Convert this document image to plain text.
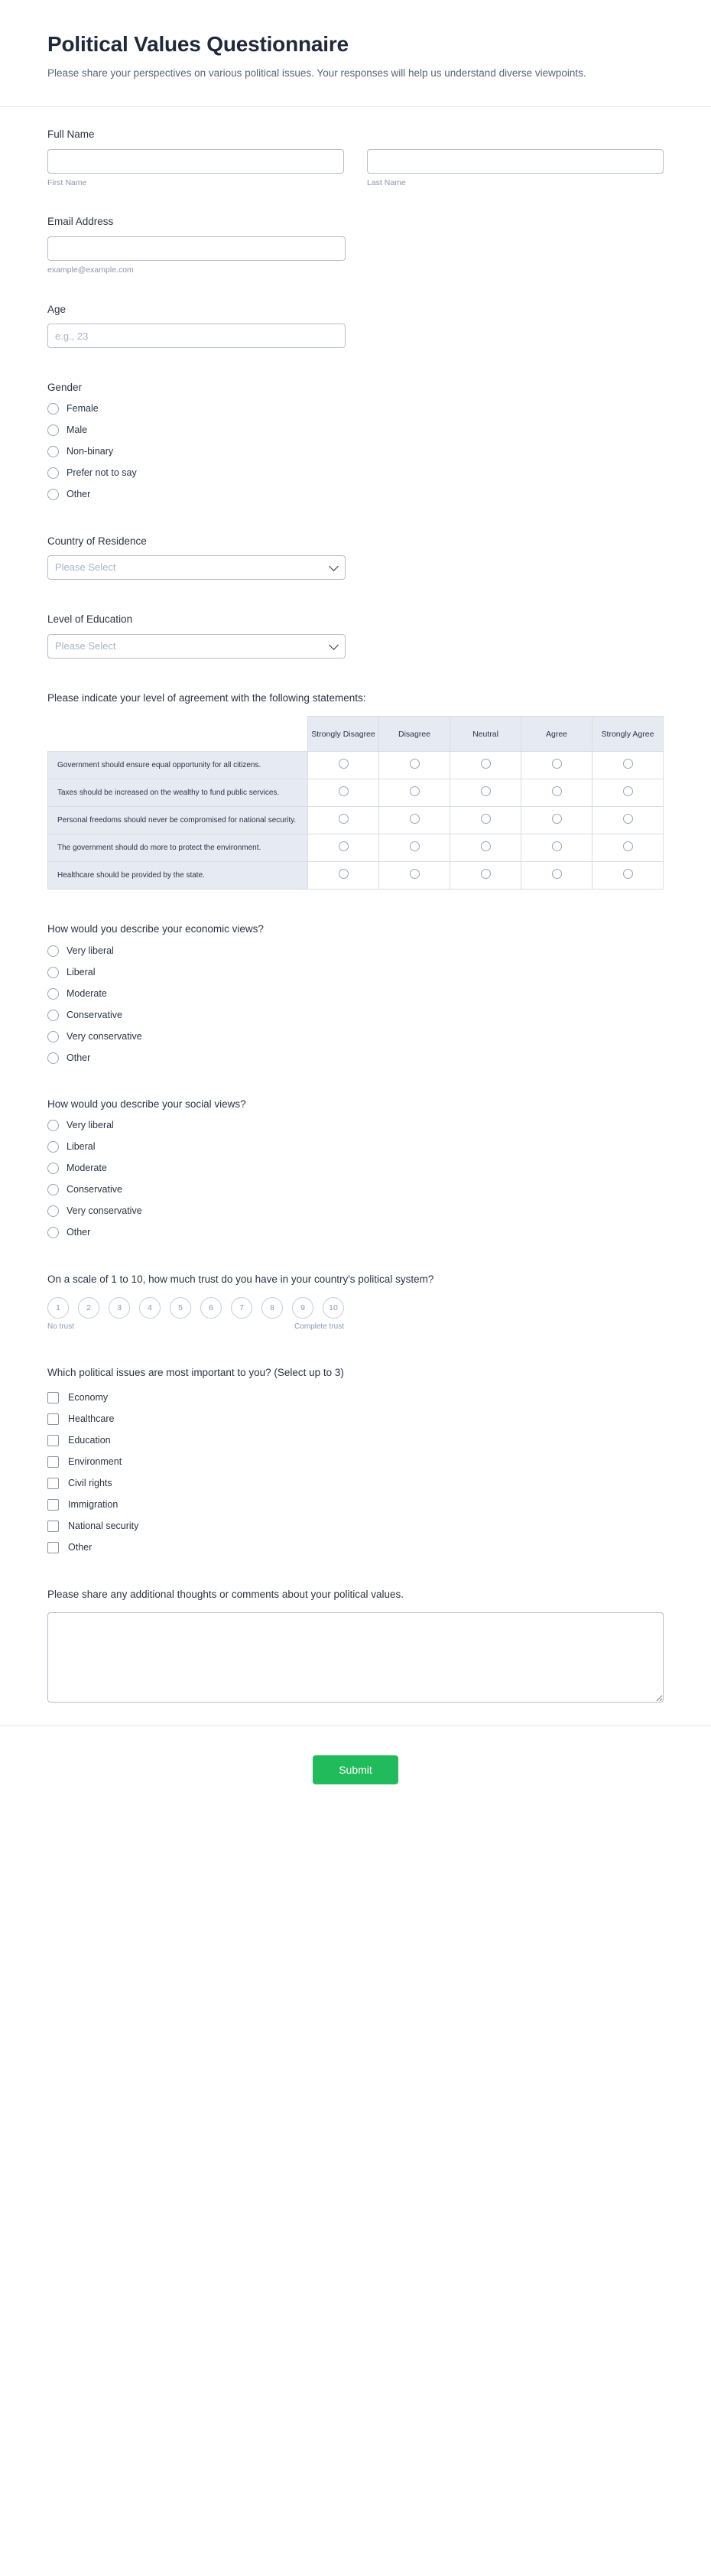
Political Values Questionnaire

Please share your perspectives on various political issues. Your responses will help us understand diverse viewpoints.

Full Name
First Name	Last Name
Email Address
example@example.com
Age
e.g., 23
Gender
Female
Male
Non-binary
Prefer not to say
Other
Country of Residence
Please Select
Level of Education
Please Select
Please indicate your level of agreement with the following statements:
	Strongly Disagree	Disagree	Neutral	Agree	Strongly Agree
Government should ensure equal opportunity for all citizens.					
Taxes should be increased on the wealthy to fund public services.					
Personal freedoms should never be compromised for national security.					
The government should do more to protect the environment.					
Healthcare should be provided by the state.					
How would you describe your economic views?
Very liberal
Liberal
Moderate
Conservative
Very conservative
Other
How would you describe your social views?
Very liberal
Liberal
Moderate
Conservative
Very conservative
Other
On a scale of 1 to 10, how much trust do you have in your country's political system?
1	2	3	4	5	6	7	8	9	10
No trust	Complete trust
Which political issues are most important to you? (Select up to 3)
Economy
Healthcare
Education
Environment
Civil rights
Immigration
National security
Other
Please share any additional thoughts or comments about your political values.
Submit
